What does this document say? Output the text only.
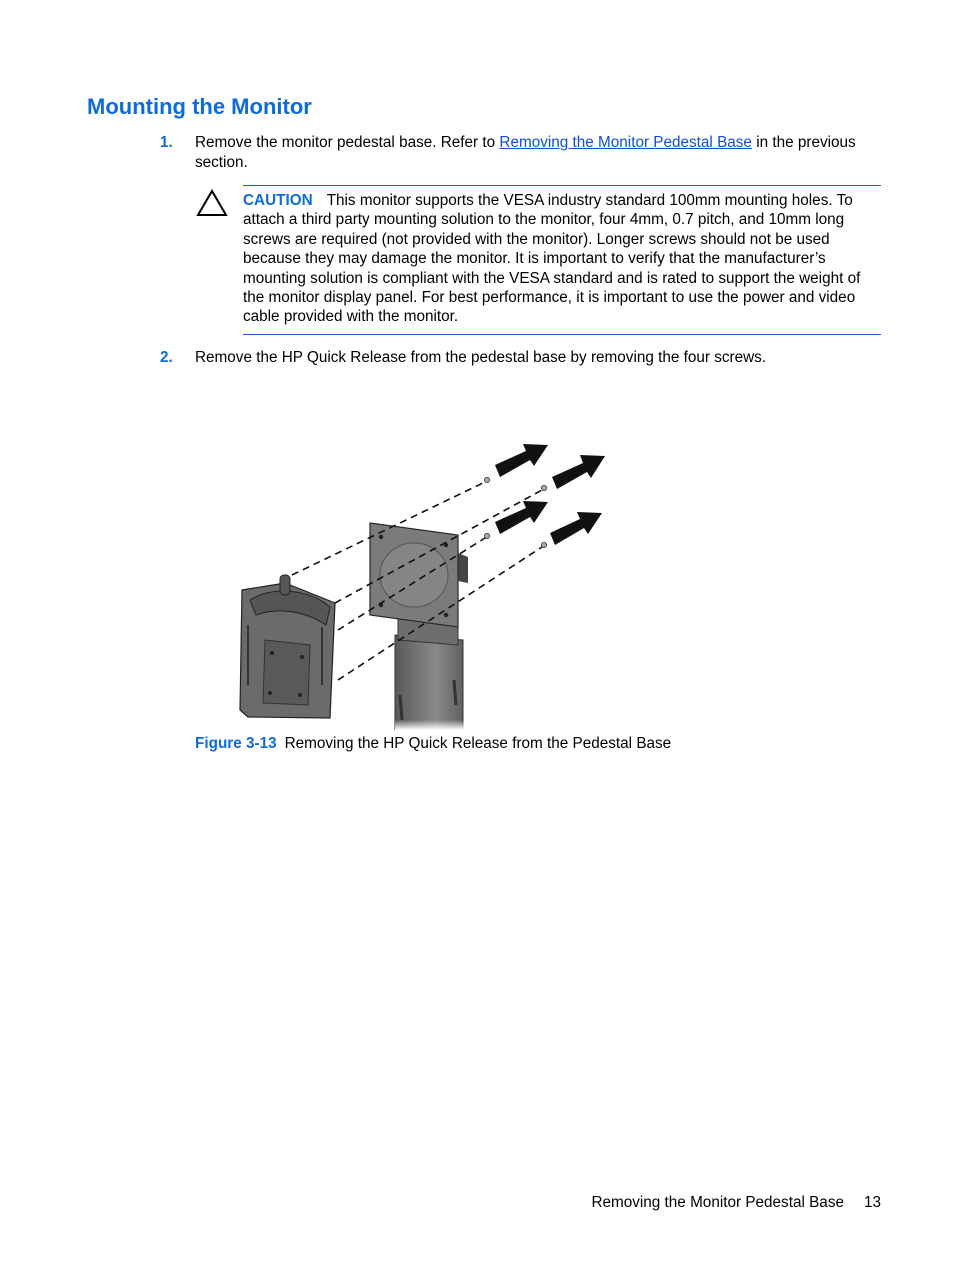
Mounting the Monitor
1. Remove the monitor pedestal base. Refer to Removing the Monitor Pedestal Base in the previous section.
CAUTION This monitor supports the VESA industry standard 100mm mounting holes. To attach a third party mounting solution to the monitor, four 4mm, 0.7 pitch, and 10mm long screws are required (not provided with the monitor). Longer screws should not be used because they may damage the monitor. It is important to verify that the manufacturer’s mounting solution is compliant with the VESA standard and is rated to support the weight of the monitor display panel. For best performance, it is important to use the power and video cable provided with the monitor.
2. Remove the HP Quick Release from the pedestal base by removing the four screws.
Figure 3-13 Removing the HP Quick Release from the Pedestal Base
Removing the Monitor Pedestal Base 13
